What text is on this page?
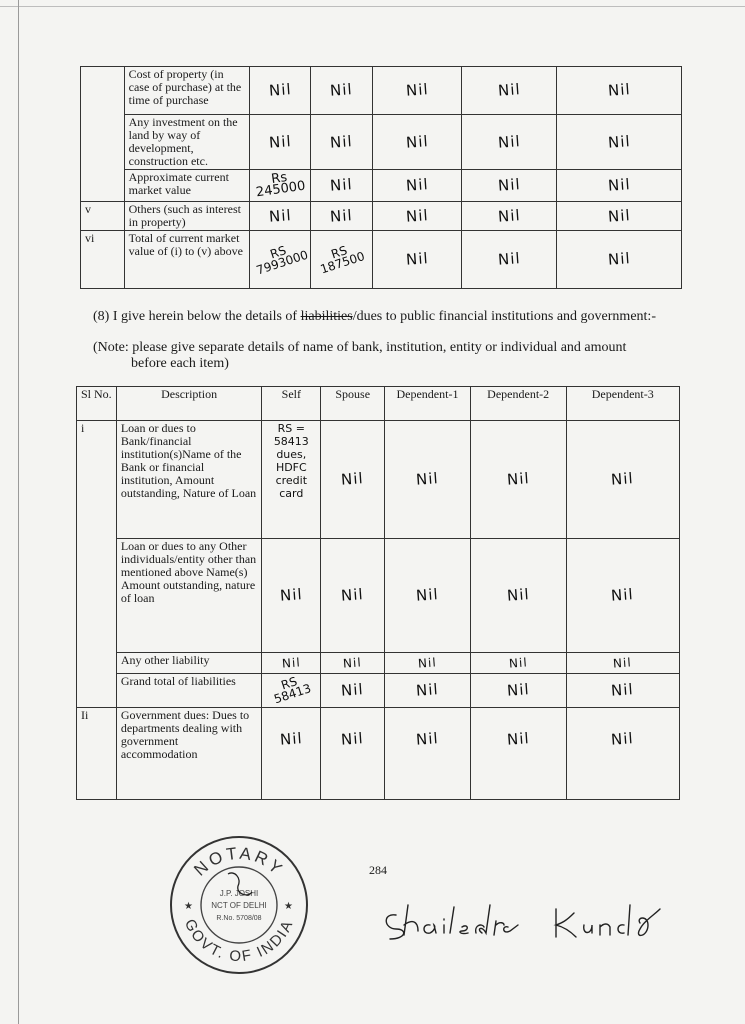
	Cost of property (in case of purchase) at the time of purchase	Nil	Nil	Nil	Nil	Nil
	Any investment on the land by way of development, construction etc.	Nil	Nil	Nil	Nil	Nil
	Approximate current market value	Rs 245000	Nil	Nil	Nil	Nil
v	Others (such as interest in property)	Nil	Nil	Nil	Nil	Nil
vi	Total of current market value of (i) to (v) above	RS 7993000	RS 187500	Nil	Nil	Nil
(8) I give herein below the details of liabilities/dues to public financial institutions and government:-
(Note: please give separate details of name of bank, institution, entity or individual and amount
before each item)
Sl No.	Description	Self	Spouse	Dependent-1	Dependent-2	Dependent-3
i	Loan or dues to Bank/financial institution(s)Name of the Bank or financial institution, Amount outstanding, Nature of Loan	RS = 58413 dues, HDFC credit card	Nil	Nil	Nil	Nil
	Loan or dues to any Other individuals/entity other than mentioned above Name(s) Amount outstanding, nature of loan	Nil	Nil	Nil	Nil	Nil
	Any other liability	Nil	Nil	Nil	Nil	Nil
	Grand total of liabilities	RS 58413	Nil	Nil	Nil	Nil
Ii	Government dues: Dues to departments dealing with government accommodation	Nil	Nil	Nil	Nil	Nil
NOTARY
GOVT. OF INDIA
J.P. JOSHI
NCT OF DELHI
R.No. 5708/08
★	★
284
